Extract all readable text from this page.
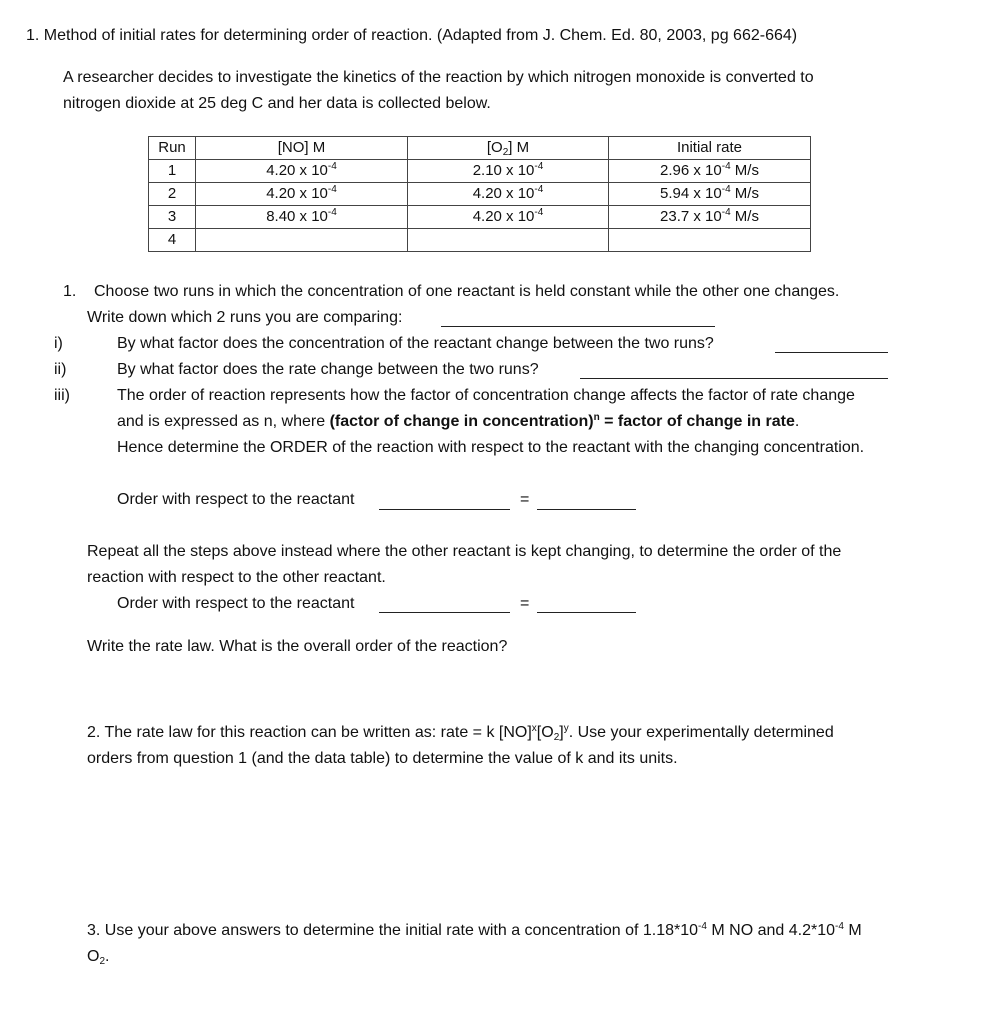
1. Method of initial rates for determining order of reaction. (Adapted from J. Chem. Ed. 80, 2003, pg 662-664)
A researcher decides to investigate the kinetics of the reaction by which nitrogen monoxide is converted to
nitrogen dioxide at 25 deg C and her data is collected below.
Run	[NO] M	$[O_2]$ M	Initial rate
1	4.20 x $10^{-4}$	2.10 x $10^{-4}$	2.96 x $10^{-4}$ M/s
2	4.20 x $10^{-4}$	4.20 x $10^{-4}$	5.94 x $10^{-4}$ M/s
3	8.40 x $10^{-4}$	4.20 x $10^{-4}$	23.7 x $10^{-4}$ M/s
4			
1. Choose two runs in which the concentration of one reactant is held constant while the other one changes.
Write down which 2 runs you are comparing:
i)	By what factor does the concentration of the reactant change between the two runs?
ii)	By what factor does the rate change between the two runs?
iii)	The order of reaction represents how the factor of concentration change affects the factor of rate change
and is expressed as n, where (factor of change in concentration)$^n$ = factor of change in rate.
Hence determine the ORDER of the reaction with respect to the reactant with the changing concentration.
Order with respect to the reactant	=
Repeat all the steps above instead where the other reactant is kept changing, to determine the order of the
reaction with respect to the other reactant.
Order with respect to the reactant	=
Write the rate law. What is the overall order of the reaction?
2. The rate law for this reaction can be written as: rate = k $[NO]^x[O_2]^y$. Use your experimentally determined
orders from question 1 (and the data table) to determine the value of k and its units.
3. Use your above answers to determine the initial rate with a concentration of $1.18*10^{-4}$ M NO and $4.2*10^{-4}$ M
$O_2$.
